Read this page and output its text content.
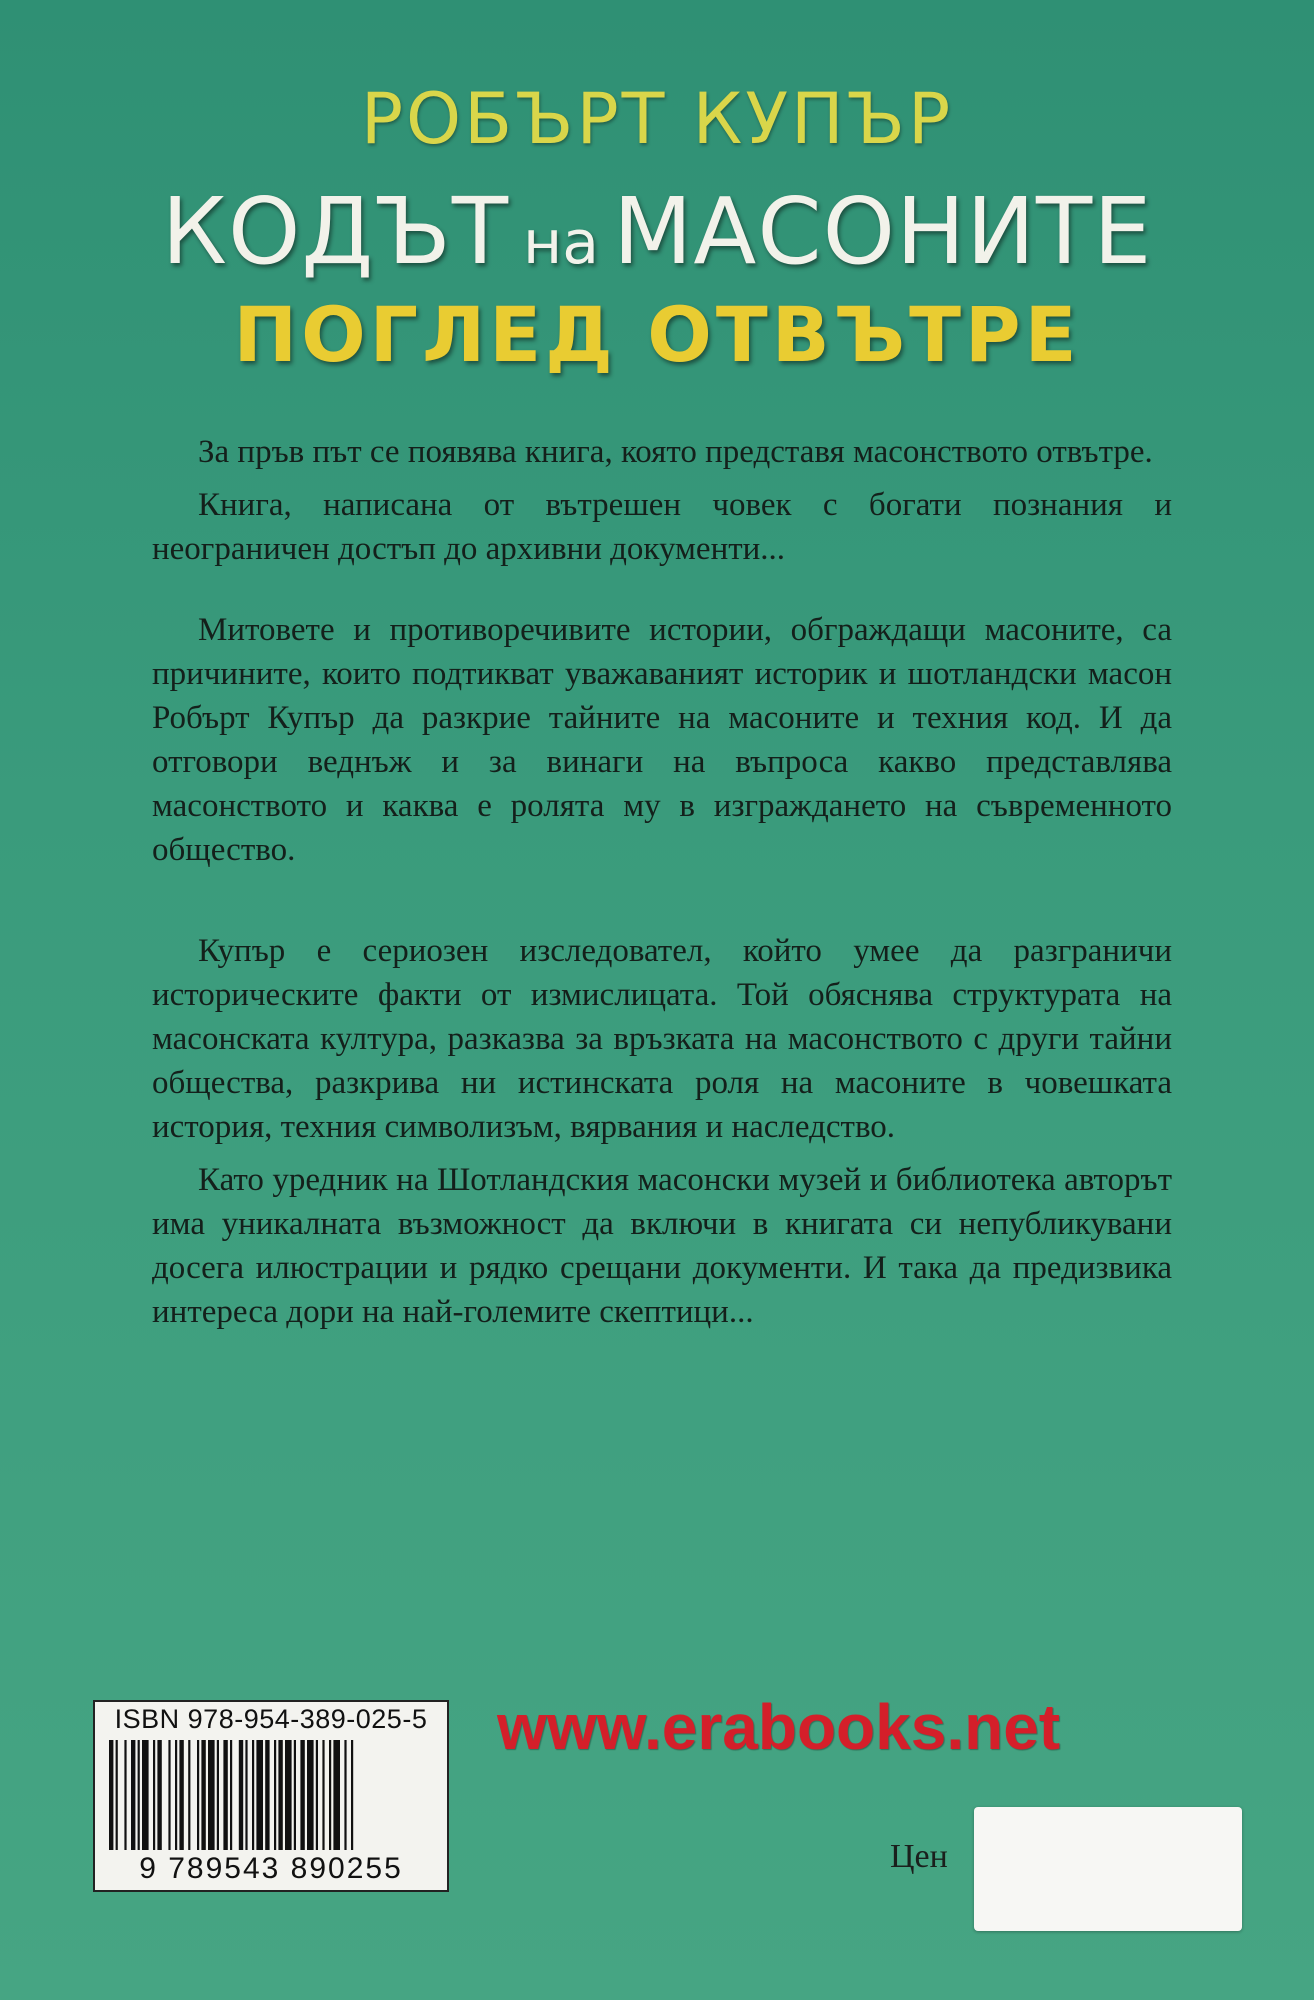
РОБЪРТ КУПЪР
КОДЪТ на МАСОНИТЕ
ПОГЛЕД ОТВЪТРЕ

За пръв път се появява книга, която представя масонството отвътре.

Книга, написана от вътрешен човек с богати познания и неограничен достъп до архивни документи...

Митовете и противоречивите истории, обграждащи масоните, са причините, които подтикват уважаваният историк и шотландски масон Робърт Купър да разкрие тайните на масоните и техния код. И да отговори веднъж и за винаги на въпроса какво представлява масонството и каква е ролята му в изграждането на съвременното общество.

Купър е сериозен изследовател, който умее да разграничи историческите факти от измислицата. Той обяснява структурата на масонската култура, разказва за връзката на масонството с други тайни общества, разкрива ни истинската роля на масоните в човешката история, техния символизъм, вярвания и наследство.

Като уредник на Шотландския масонски музей и библиотека авторът има уникалната възможност да включи в книгата си непубликувани досега илюстрации и рядко срещани документи. И така да предизвика интереса дори на най-големите скептици...

ISBN 978-954-389-025-5
9 789543 890255
www.erabooks.net
Цен
